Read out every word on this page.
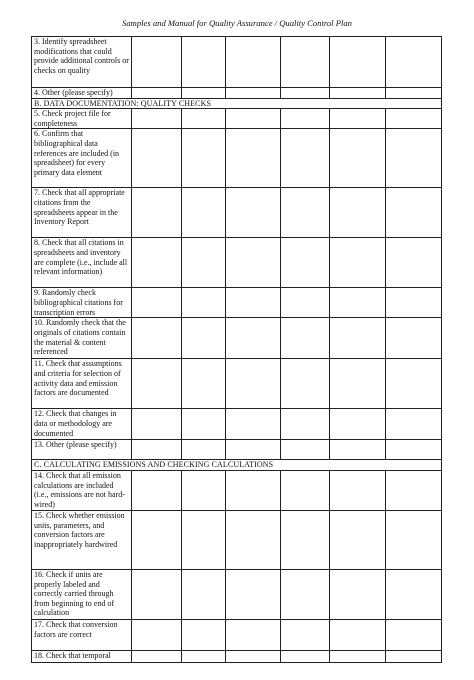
Samples and Manual for Quality Assurance / Quality Control Plan
3. Identify spreadsheet modifications that could provide additional controls or checks on quality						
4. Other (please specify)						
B. DATA DOCUMENTATION: QUALITY CHECKS						
5. Check project file for completeness						
6. Confirm that bibliographical data references are included (in spreadsheet) for every primary data element						
7. Check that all appropriate citations from the spreadsheets appear in the Inventory Report						
8. Check that all citations in spreadsheets and inventory are complete (i.e., include all relevant information)						
9. Randomly check bibliographical citations for transcription errors						
10. Randomly check that the originals of citations contain the material & content referenced						
11. Check that assumptions and criteria for selection of activity data and emission factors are documented						
12. Check that changes in data or methodology are documented						
13. Other (please specify)						
C. CALCULATING EMISSIONS AND CHECKING CALCULATIONS						
14. Check that all emission calculations are included (i.e., emissions are not hard-wired)						
15. Check whether emission units, parameters, and conversion factors are inappropriately hardwired						
16. Check if units are properly labeled and correctly carried through from beginning to end of calculation						
17. Check that conversion factors are correct						
18. Check that temporal						
